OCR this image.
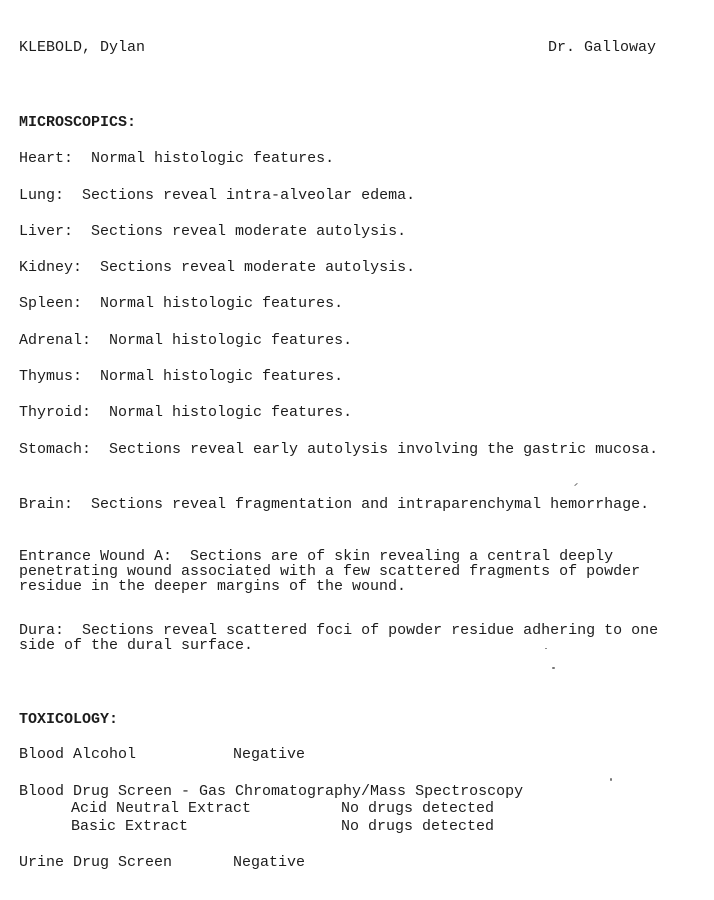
KLEBOLD, Dylan	Dr. Galloway
MICROSCOPICS:
Heart: Normal histologic features.
Lung: Sections reveal intra-alveolar edema.
Liver: Sections reveal moderate autolysis.
Kidney: Sections reveal moderate autolysis.
Spleen: Normal histologic features.
Adrenal: Normal histologic features.
Thymus: Normal histologic features.
Thyroid: Normal histologic features.
Stomach: Sections reveal early autolysis involving the gastric mucosa.
Brain: Sections reveal fragmentation and intraparenchymal hemorrhage.
Entrance Wound A: Sections are of skin revealing a central deeply penetrating wound associated with a few scattered fragments of powder residue in the deeper margins of the wound.
Dura: Sections reveal scattered foci of powder residue adhering to one side of the dural surface.
TOXICOLOGY:
Blood Alcohol	Negative
Blood Drug Screen - Gas Chromatography/Mass Spectroscopy
Acid Neutral Extract	No drugs detected
Basic Extract	No drugs detected
Urine Drug Screen	Negative
